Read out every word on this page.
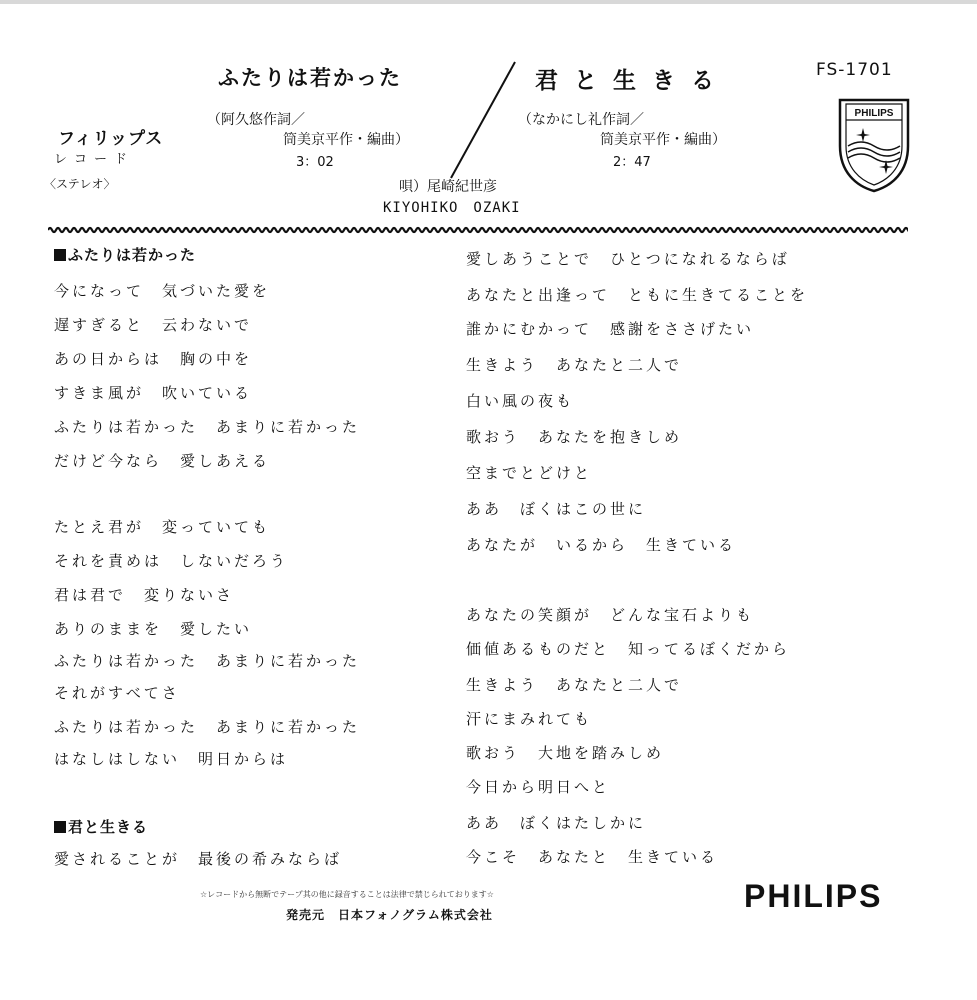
フィリップス
レコード
〈ステレオ〉
ふたりは若かった
（阿久悠作詞／
筒美京平作・編曲）
3：02
君と生きる
（なかにし礼作詞／
筒美京平作・編曲）
2：47
唄）尾崎紀世彦
KIYOHIKO　OZAKI
FS-1701
PHILIPS
ふたりは若かった
今になって　気づいた愛を
遅すぎると　云わないで
あの日からは　胸の中を
すきま風が　吹いている
ふたりは若かった　あまりに若かった
だけど今なら　愛しあえる
たとえ君が　変っていても
それを責めは　しないだろう
君は君で　変りないさ
ありのままを　愛したい
ふたりは若かった　あまりに若かった
それがすべてさ
ふたりは若かった　あまりに若かった
はなしはしない　明日からは
君と生きる
愛されることが　最後の希みならば
愛しあうことで　ひとつになれるならば
あなたと出逢って　ともに生きてることを
誰かにむかって　感謝をささげたい
生きよう　あなたと二人で
白い風の夜も
歌おう　あなたを抱きしめ
空までとどけと
ああ　ぼくはこの世に
あなたが　いるから　生きている
あなたの笑顔が　どんな宝石よりも
価値あるものだと　知ってるぼくだから
生きよう　あなたと二人で
汗にまみれても
歌おう　大地を踏みしめ
今日から明日へと
ああ　ぼくはたしかに
今こそ　あなたと　生きている
☆レコードから無断でテープ其の他に録音することは法律で禁じられております☆
発売元　日本フォノグラム株式会社
PHILIPS
